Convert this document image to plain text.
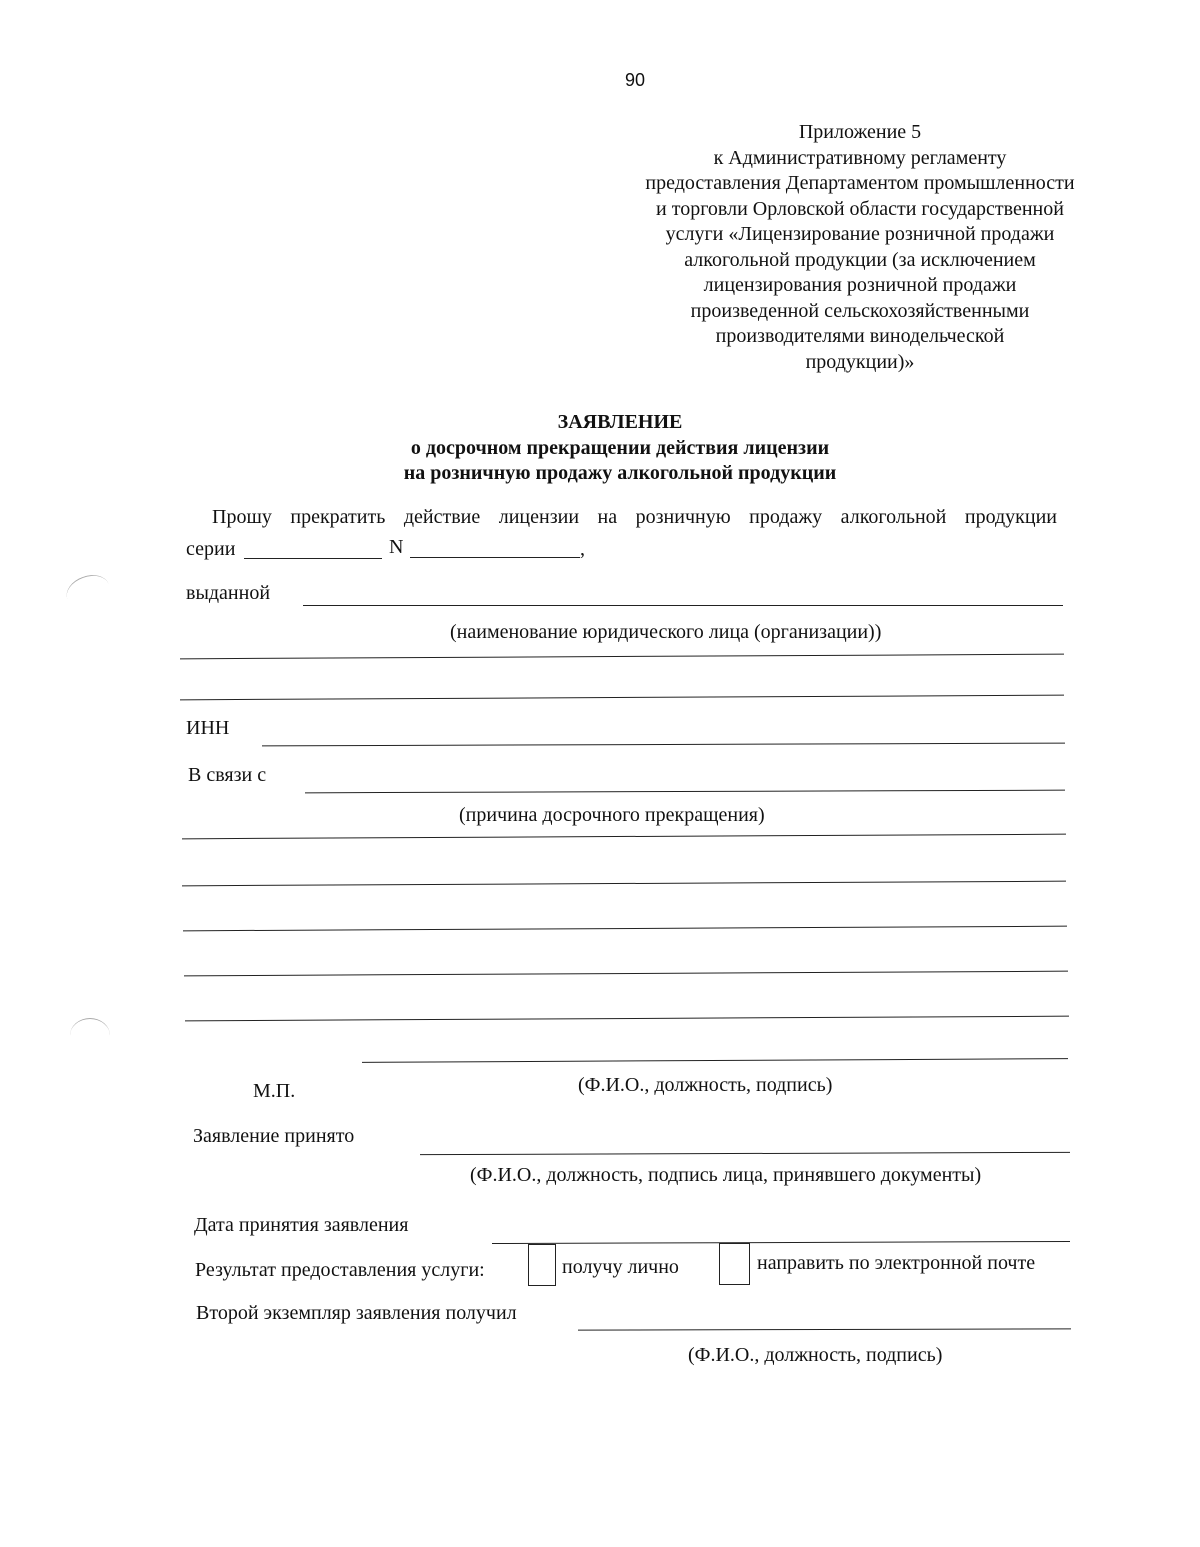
90
Приложение 5
к Административному регламенту
предоставления Департаментом промышленности
и торговли Орловской области государственной
услуги «Лицензирование розничной продажи
алкогольной продукции (за исключением
лицензирования розничной продажи
произведенной сельскохозяйственными
производителями винодельческой
продукции)»
ЗАЯВЛЕНИЕ
о досрочном прекращении действия лицензии
на розничную продажу алкогольной продукции
Прошу прекратить действие лицензии на розничную продажу алкогольной продукции
серии	N	,
выданной
(наименование юридического лица (организации))
ИНН
В связи с
(причина досрочного прекращения)
М.П.	(Ф.И.О., должность, подпись)
Заявление принято
(Ф.И.О., должность, подпись лица, принявшего документы)
Дата принятия заявления
Результат предоставления услуги:	получу лично	направить по электронной почте
Второй экземпляр заявления получил
(Ф.И.О., должность, подпись)
